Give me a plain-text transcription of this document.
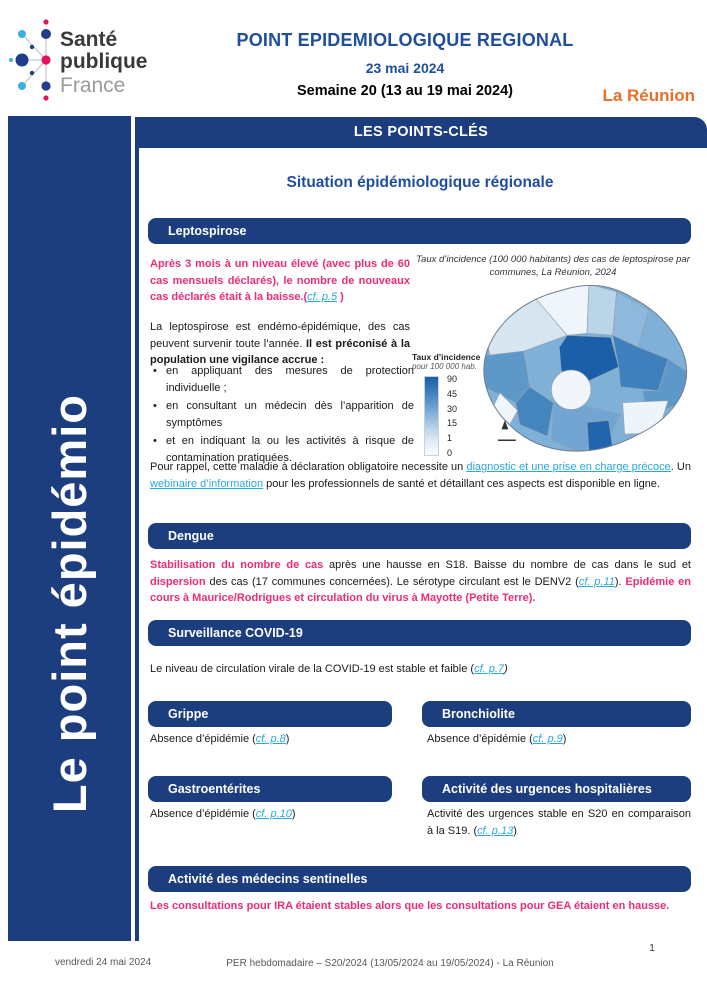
Santé
publique
France
POINT EPIDEMIOLOGIQUE REGIONAL
23 mai 2024
Semaine 20 (13 au 19 mai 2024)	La Réunion
LES POINTS-CLÉS
Le point épidémio
Situation épidémiologique régionale
Leptospirose
Après 3 mois à un niveau élevé (avec plus de 60 cas mensuels déclarés), le nombre de nouveaux cas déclarés était à la baisse.(cf. p.5 )
La leptospirose est endémo-épidémique, des cas peuvent survenir toute l’année. Il est préconisé à la population une vigilance accrue :
• en appliquant des mesures de protection individuelle ;
• en consultant un médecin dès l’apparition de symptômes
• et en indiquant la ou les activités à risque de contamination pratiquées.
Taux d’incidence (100 000 habitants) des cas de leptospirose par communes, La Réunion, 2024
Taux d’incidence
pour 100 000 hab.
90
45
30
15
1
0
Pour rappel, cette maladie à déclaration obligatoire necessite un diagnostic et une prise en charge précoce. Un webinaire d’information pour les professionnels de santé et détaillant ces aspects est disponible en ligne.
Dengue
Stabilisation du nombre de cas après une hausse en S18. Baisse du nombre de cas dans le sud et dispersion des cas (17 communes concernées). Le sérotype circulant est le DENV2 (cf. p.11). Epidémie en cours à Maurice/Rodrigues et circulation du virus à Mayotte (Petite Terre).
Surveillance COVID-19
Le niveau de circulation virale de la COVID-19 est stable et faible (cf. p.7)
Grippe	Bronchiolite
Absence d’épidémie (cf. p.8)	Absence d’épidémie (cf. p.9)
Gastroentérites	Activité des urgences hospitalières
Absence d’épidémie (cf. p.10)	Activité des urgences stable en S20 en comparaison à la S19. (cf. p.13)
Activité des médecins sentinelles
Les consultations pour IRA étaient stables alors que les consultations pour GEA étaient en hausse.
vendredi 24 mai 2024	PER hebdomadaire – S20/2024 (13/05/2024 au 19/05/2024) - La Réunion
1
